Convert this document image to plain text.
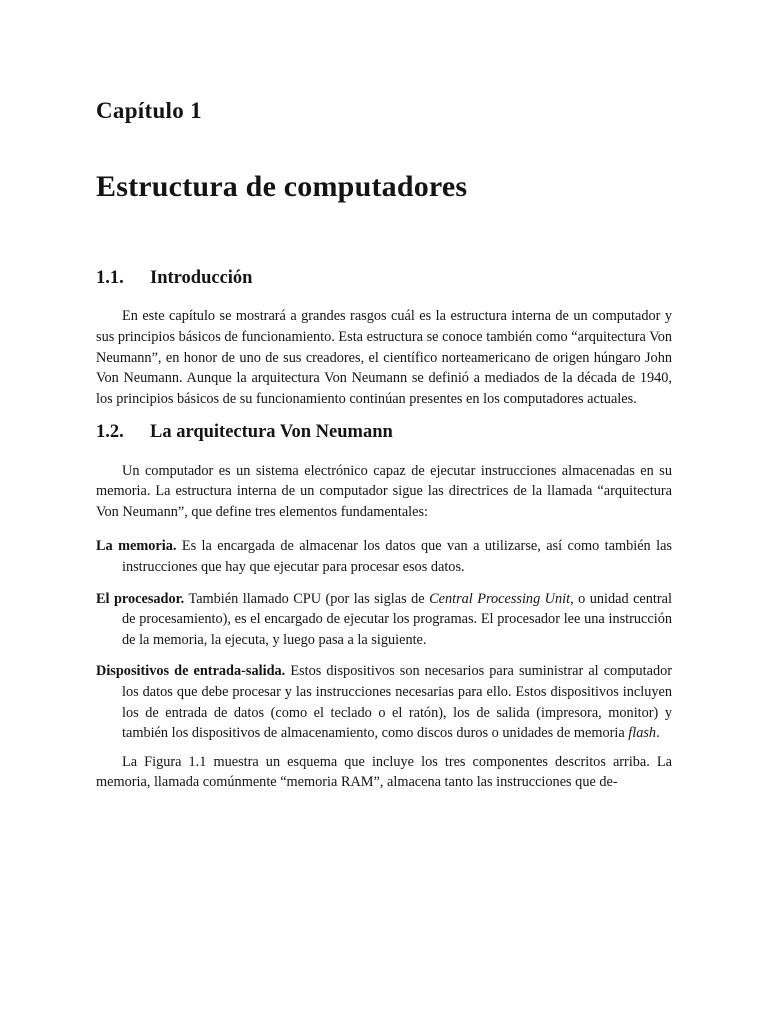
Capítulo 1
Estructura de computadores
1.1.	Introducción

En este capítulo se mostrará a grandes rasgos cuál es la estructura interna de un computador y sus principios básicos de funcionamiento. Esta estructura se conoce también como “arquitectura Von Neumann”, en honor de uno de sus creadores, el científico norteamericano de origen húngaro John Von Neumann. Aunque la arquitectura Von Neumann se definió a mediados de la década de 1940, los principios básicos de su funcionamiento continúan presentes en los computadores actuales.

1.2.	La arquitectura Von Neumann

Un computador es un sistema electrónico capaz de ejecutar instrucciones almacenadas en su memoria. La estructura interna de un computador sigue las directrices de la llamada “arquitectura Von Neumann”, que define tres elementos fundamentales:

La memoria. Es la encargada de almacenar los datos que van a utilizarse, así como también las instrucciones que hay que ejecutar para procesar esos datos.

El procesador. También llamado CPU (por las siglas de Central Processing Unit, o unidad central de procesamiento), es el encargado de ejecutar los programas. El procesador lee una instrucción de la memoria, la ejecuta, y luego pasa a la siguiente.

Dispositivos de entrada-salida. Estos dispositivos son necesarios para suministrar al computador los datos que debe procesar y las instrucciones necesarias para ello. Estos dispositivos incluyen los de entrada de datos (como el teclado o el ratón), los de salida (impresora, monitor) y también los dispositivos de almacenamiento, como discos duros o unidades de memoria flash.

La Figura 1.1 muestra un esquema que incluye los tres componentes descritos arriba. La memoria, llamada comúnmente “memoria RAM”, almacena tanto las instrucciones que de-
